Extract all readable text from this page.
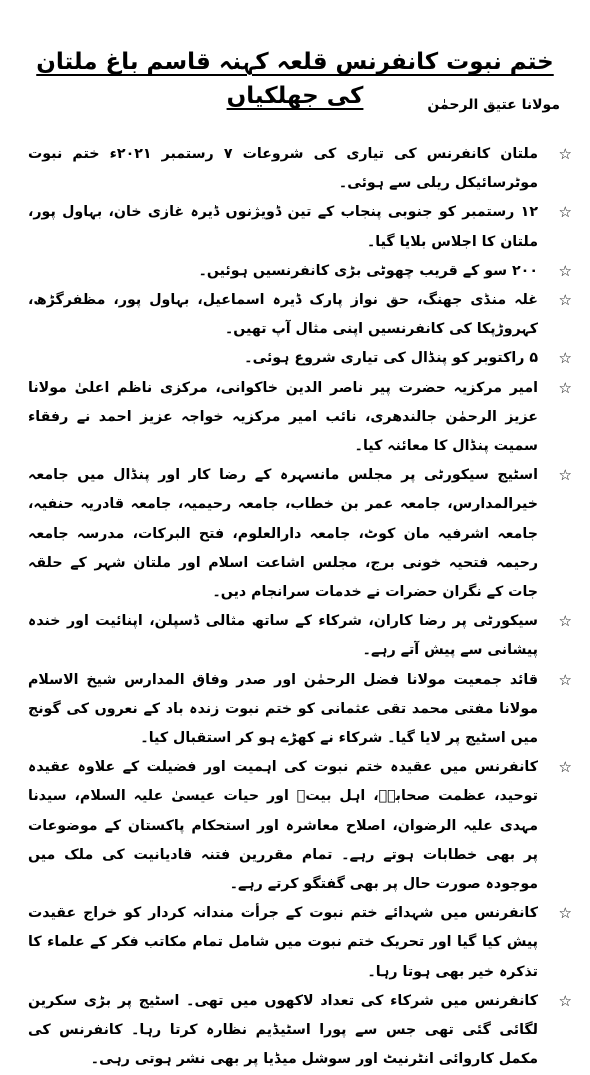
ختم نبوت کانفرنس قلعہ کہنہ قاسم باغ ملتان کی جھلکیاں	مولانا عتیق الرحمٰن
☆
ملتان کانفرنس کی تیاری کی شروعات ۷ رستمبر ۲۰۲۱ء ختم نبوت موٹرسائیکل ریلی سے ہوئی۔
☆
۱۲ رستمبر کو جنوبی پنجاب کے تین ڈویژنوں ڈیرہ غازی خان، بہاول پور، ملتان کا اجلاس بلایا گیا۔
☆
۲۰۰ سو کے قریب چھوٹی بڑی کانفرنسیں ہوئیں۔
☆
غلہ منڈی جھنگ، حق نواز پارک ڈیرہ اسماعیل، بہاول پور، مظفرگڑھ، کہروڑپکا کی کانفرنسیں اپنی مثال آپ تھیں۔
☆
۵ راکتوبر کو پنڈال کی تیاری شروع ہوئی۔
☆
امیر مرکزیہ حضرت پیر ناصر الدین خاکوانی، مرکزی ناظم اعلیٰ مولانا عزیز الرحمٰن جالندھری، نائب امیر مرکزیہ خواجہ عزیز احمد نے رفقاء سمیت پنڈال کا معائنہ کیا۔
☆
اسٹیج سیکورٹی پر مجلس مانسہرہ کے رضا کار اور پنڈال میں جامعہ خیرالمدارس، جامعہ عمر بن خطاب، جامعہ رحیمیہ، جامعہ قادریہ حنفیہ، جامعہ اشرفیہ مان کوٹ، جامعہ دارالعلوم، فتح البرکات، مدرسہ جامعہ رحیمہ فتحیہ خونی برج، مجلس اشاعت اسلام اور ملتان شہر کے حلقہ جات کے نگران حضرات نے خدمات سرانجام دیں۔
☆
سیکورٹی پر رضا کاران، شرکاء کے ساتھ مثالی ڈسپلن، اپنائیت اور خندہ پیشانی سے پیش آتے رہے۔
☆
قائد جمعیت مولانا فضل الرحمٰن اور صدر وفاق المدارس شیخ الاسلام مولانا مفتی محمد تقی عثمانی کو ختم نبوت زندہ باد کے نعروں کی گونج میں اسٹیج پر لایا گیا۔ شرکاء نے کھڑے ہو کر استقبال کیا۔
☆
کانفرنس میں عقیدہ ختم نبوت کی اہمیت اور فضیلت کے علاوہ عقیدہ توحید، عظمت صحابہؓ، اہل بیتؓ اور حیات عیسیٰ علیہ السلام، سیدنا مہدی علیہ الرضوان، اصلاح معاشرہ اور استحکام پاکستان کے موضوعات پر بھی خطابات ہوتے رہے۔ تمام مقررین فتنہ قادیانیت کی ملک میں موجودہ صورت حال پر بھی گفتگو کرتے رہے۔
☆
کانفرنس میں شہدائے ختم نبوت کے جرأت مندانہ کردار کو خراج عقیدت پیش کیا گیا اور تحریک ختم نبوت میں شامل تمام مکاتب فکر کے علماء کا تذکرہ خیر بھی ہوتا رہا۔
☆
کانفرنس میں شرکاء کی تعداد لاکھوں میں تھی۔ اسٹیج پر بڑی سکرین لگائی گئی تھی جس سے پورا اسٹیڈیم نظارہ کرتا رہا۔ کانفرنس کی مکمل کاروائی انٹرنیٹ اور سوشل میڈیا پر بھی نشر ہوتی رہی۔
